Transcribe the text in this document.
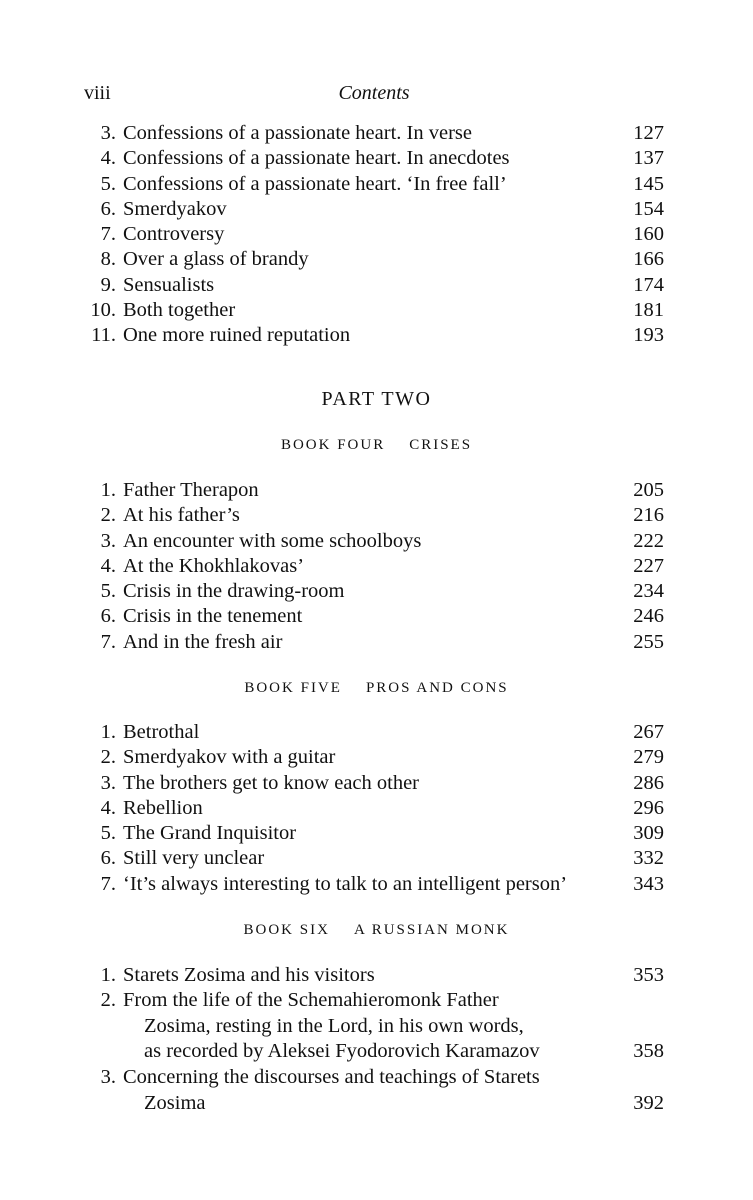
viii	Contents
3. Confessions of a passionate heart. In verse	127
4. Confessions of a passionate heart. In anecdotes	137
5. Confessions of a passionate heart. ‘In free fall’	145
6. Smerdyakov	154
7. Controversy	160
8. Over a glass of brandy	166
9. Sensualists	174
10. Both together	181
11. One more ruined reputation	193
PART TWO
BOOK FOUR CRISES
1. Father Therapon	205
2. At his father’s	216
3. An encounter with some schoolboys	222
4. At the Khokhlakovas’	227
5. Crisis in the drawing-room	234
6. Crisis in the tenement	246
7. And in the fresh air	255
BOOK FIVE PROS AND CONS
1. Betrothal	267
2. Smerdyakov with a guitar	279
3. The brothers get to know each other	286
4. Rebellion	296
5. The Grand Inquisitor	309
6. Still very unclear	332
7. ‘It’s always interesting to talk to an intelligent person’	343
BOOK SIX A RUSSIAN MONK
1. Starets Zosima and his visitors	353
2. From the life of the Schemahieromonk Father
Zosima, resting in the Lord, in his own words,
as recorded by Aleksei Fyodorovich Karamazov	358
3. Concerning the discourses and teachings of Starets
Zosima	392
